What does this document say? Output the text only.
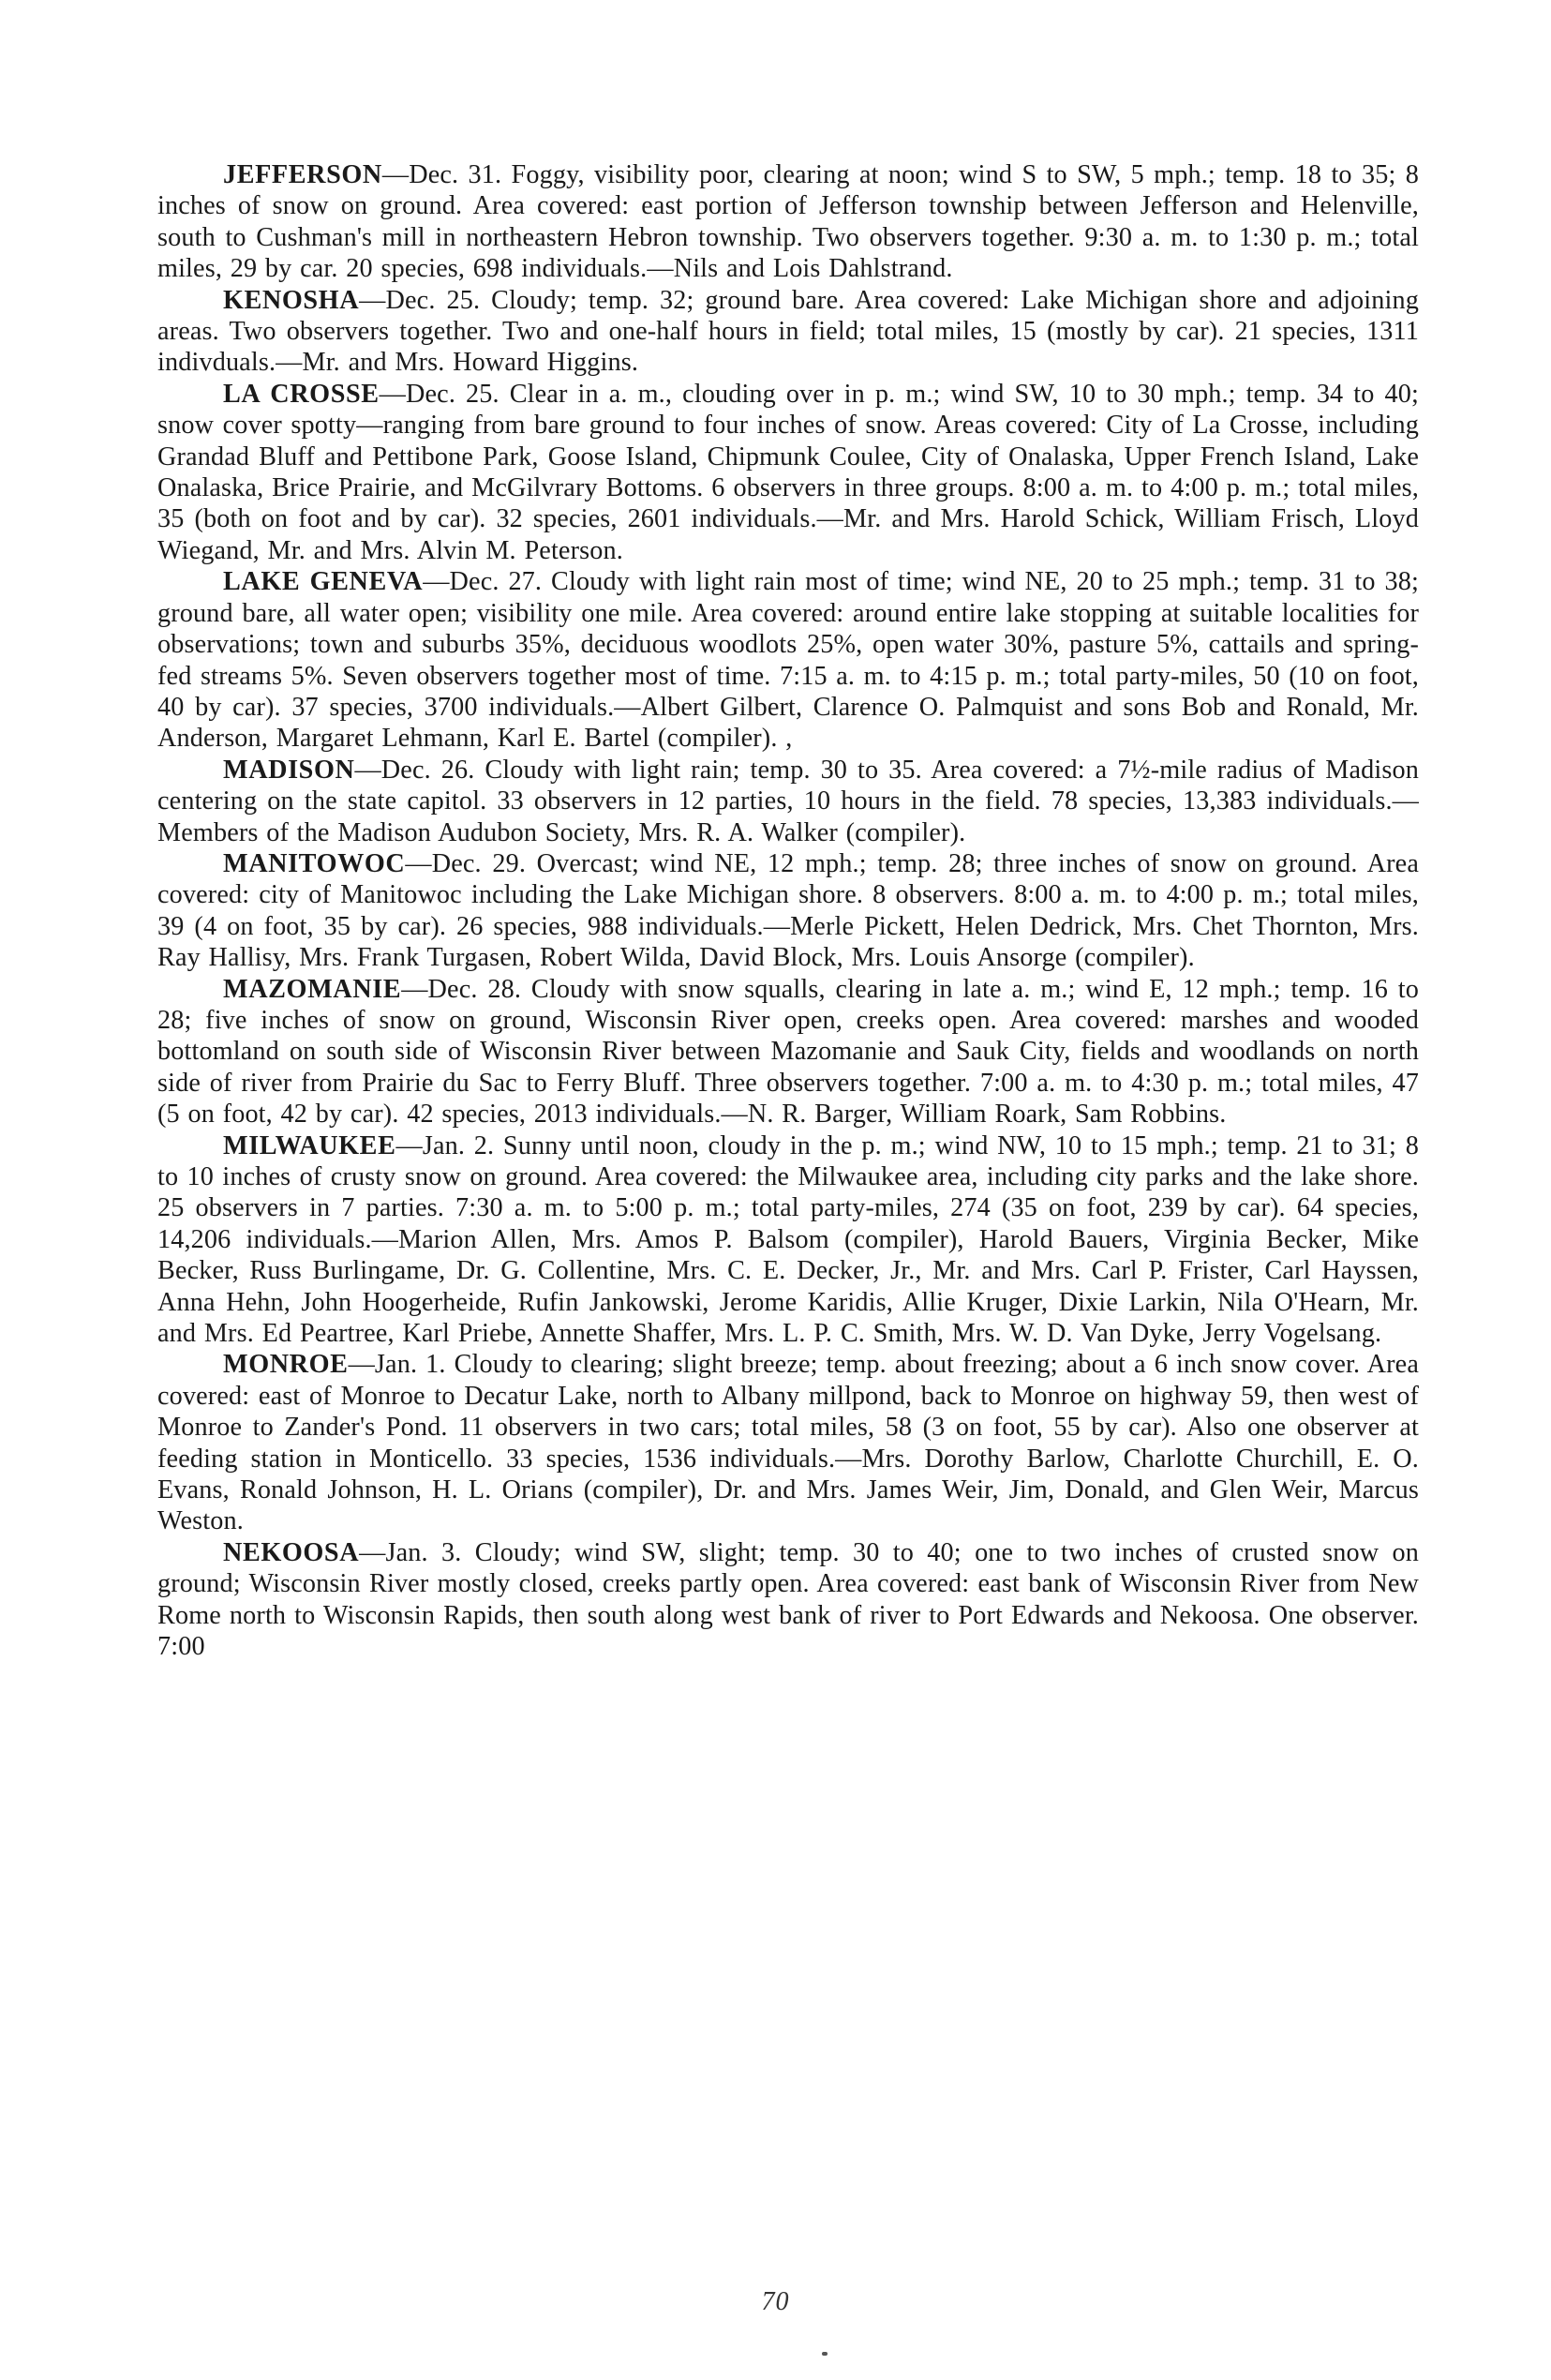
JEFFERSON—Dec. 31. Foggy, visibility poor, clearing at noon; wind S to SW, 5 mph.; temp. 18 to 35; 8 inches of snow on ground. Area covered: east portion of Jefferson township between Jefferson and Helenville, south to Cushman's mill in northeastern Hebron township. Two observers together. 9:30 a. m. to 1:30 p. m.; total miles, 29 by car. 20 species, 698 individuals.—Nils and Lois Dahlstrand.

KENOSHA—Dec. 25. Cloudy; temp. 32; ground bare. Area covered: Lake Michigan shore and adjoining areas. Two observers together. Two and one-half hours in field; total miles, 15 (mostly by car). 21 species, 1311 indivduals.—Mr. and Mrs. Howard Higgins.

LA CROSSE—Dec. 25. Clear in a. m., clouding over in p. m.; wind SW, 10 to 30 mph.; temp. 34 to 40; snow cover spotty—ranging from bare ground to four inches of snow. Areas covered: City of La Crosse, including Grandad Bluff and Pettibone Park, Goose Island, Chipmunk Coulee, City of Onalaska, Upper French Island, Lake Onalaska, Brice Prairie, and McGilvrary Bottoms. 6 observers in three groups. 8:00 a. m. to 4:00 p. m.; total miles, 35 (both on foot and by car). 32 species, 2601 individuals.—Mr. and Mrs. Harold Schick, William Frisch, Lloyd Wiegand, Mr. and Mrs. Alvin M. Peterson.

LAKE GENEVA—Dec. 27. Cloudy with light rain most of time; wind NE, 20 to 25 mph.; temp. 31 to 38; ground bare, all water open; visibility one mile. Area covered: around entire lake stopping at suitable localities for observations; town and suburbs 35%, deciduous woodlots 25%, open water 30%, pasture 5%, cattails and spring-fed streams 5%. Seven observers together most of time. 7:15 a. m. to 4:15 p. m.; total party-miles, 50 (10 on foot, 40 by car). 37 species, 3700 individuals.—Albert Gilbert, Clarence O. Palmquist and sons Bob and Ronald, Mr. Anderson, Margaret Lehmann, Karl E. Bartel (compiler). ,

MADISON—Dec. 26. Cloudy with light rain; temp. 30 to 35. Area covered: a 7½-mile radius of Madison centering on the state capitol. 33 observers in 12 parties, 10 hours in the field. 78 species, 13,383 individuals.—Members of the Madison Audubon Society, Mrs. R. A. Walker (compiler).

MANITOWOC—Dec. 29. Overcast; wind NE, 12 mph.; temp. 28; three inches of snow on ground. Area covered: city of Manitowoc including the Lake Michigan shore. 8 observers. 8:00 a. m. to 4:00 p. m.; total miles, 39 (4 on foot, 35 by car). 26 species, 988 individuals.—Merle Pickett, Helen Dedrick, Mrs. Chet Thornton, Mrs. Ray Hallisy, Mrs. Frank Turgasen, Robert Wilda, David Block, Mrs. Louis Ansorge (compiler).

MAZOMANIE—Dec. 28. Cloudy with snow squalls, clearing in late a. m.; wind E, 12 mph.; temp. 16 to 28; five inches of snow on ground, Wisconsin River open, creeks open. Area covered: marshes and wooded bottomland on south side of Wisconsin River between Mazomanie and Sauk City, fields and woodlands on north side of river from Prairie du Sac to Ferry Bluff. Three observers together. 7:00 a. m. to 4:30 p. m.; total miles, 47 (5 on foot, 42 by car). 42 species, 2013 individuals.—N. R. Barger, William Roark, Sam Robbins.

MILWAUKEE—Jan. 2. Sunny until noon, cloudy in the p. m.; wind NW, 10 to 15 mph.; temp. 21 to 31; 8 to 10 inches of crusty snow on ground. Area covered: the Milwaukee area, including city parks and the lake shore. 25 observers in 7 parties. 7:30 a. m. to 5:00 p. m.; total party-miles, 274 (35 on foot, 239 by car). 64 species, 14,206 individuals.—Marion Allen, Mrs. Amos P. Balsom (compiler), Harold Bauers, Virginia Becker, Mike Becker, Russ Burlingame, Dr. G. Collentine, Mrs. C. E. Decker, Jr., Mr. and Mrs. Carl P. Frister, Carl Hayssen, Anna Hehn, John Hoogerheide, Rufin Jankowski, Jerome Karidis, Allie Kruger, Dixie Larkin, Nila O'Hearn, Mr. and Mrs. Ed Peartree, Karl Priebe, Annette Shaffer, Mrs. L. P. C. Smith, Mrs. W. D. Van Dyke, Jerry Vogelsang.

MONROE—Jan. 1. Cloudy to clearing; slight breeze; temp. about freezing; about a 6 inch snow cover. Area covered: east of Monroe to Decatur Lake, north to Albany millpond, back to Monroe on highway 59, then west of Monroe to Zander's Pond. 11 observers in two cars; total miles, 58 (3 on foot, 55 by car). Also one observer at feeding station in Monticello. 33 species, 1536 individuals.—Mrs. Dorothy Barlow, Charlotte Churchill, E. O. Evans, Ronald Johnson, H. L. Orians (compiler), Dr. and Mrs. James Weir, Jim, Donald, and Glen Weir, Marcus Weston.

NEKOOSA—Jan. 3. Cloudy; wind SW, slight; temp. 30 to 40; one to two inches of crusted snow on ground; Wisconsin River mostly closed, creeks partly open. Area covered: east bank of Wisconsin River from New Rome north to Wisconsin Rapids, then south along west bank of river to Port Edwards and Nekoosa. One observer. 7:00

70
